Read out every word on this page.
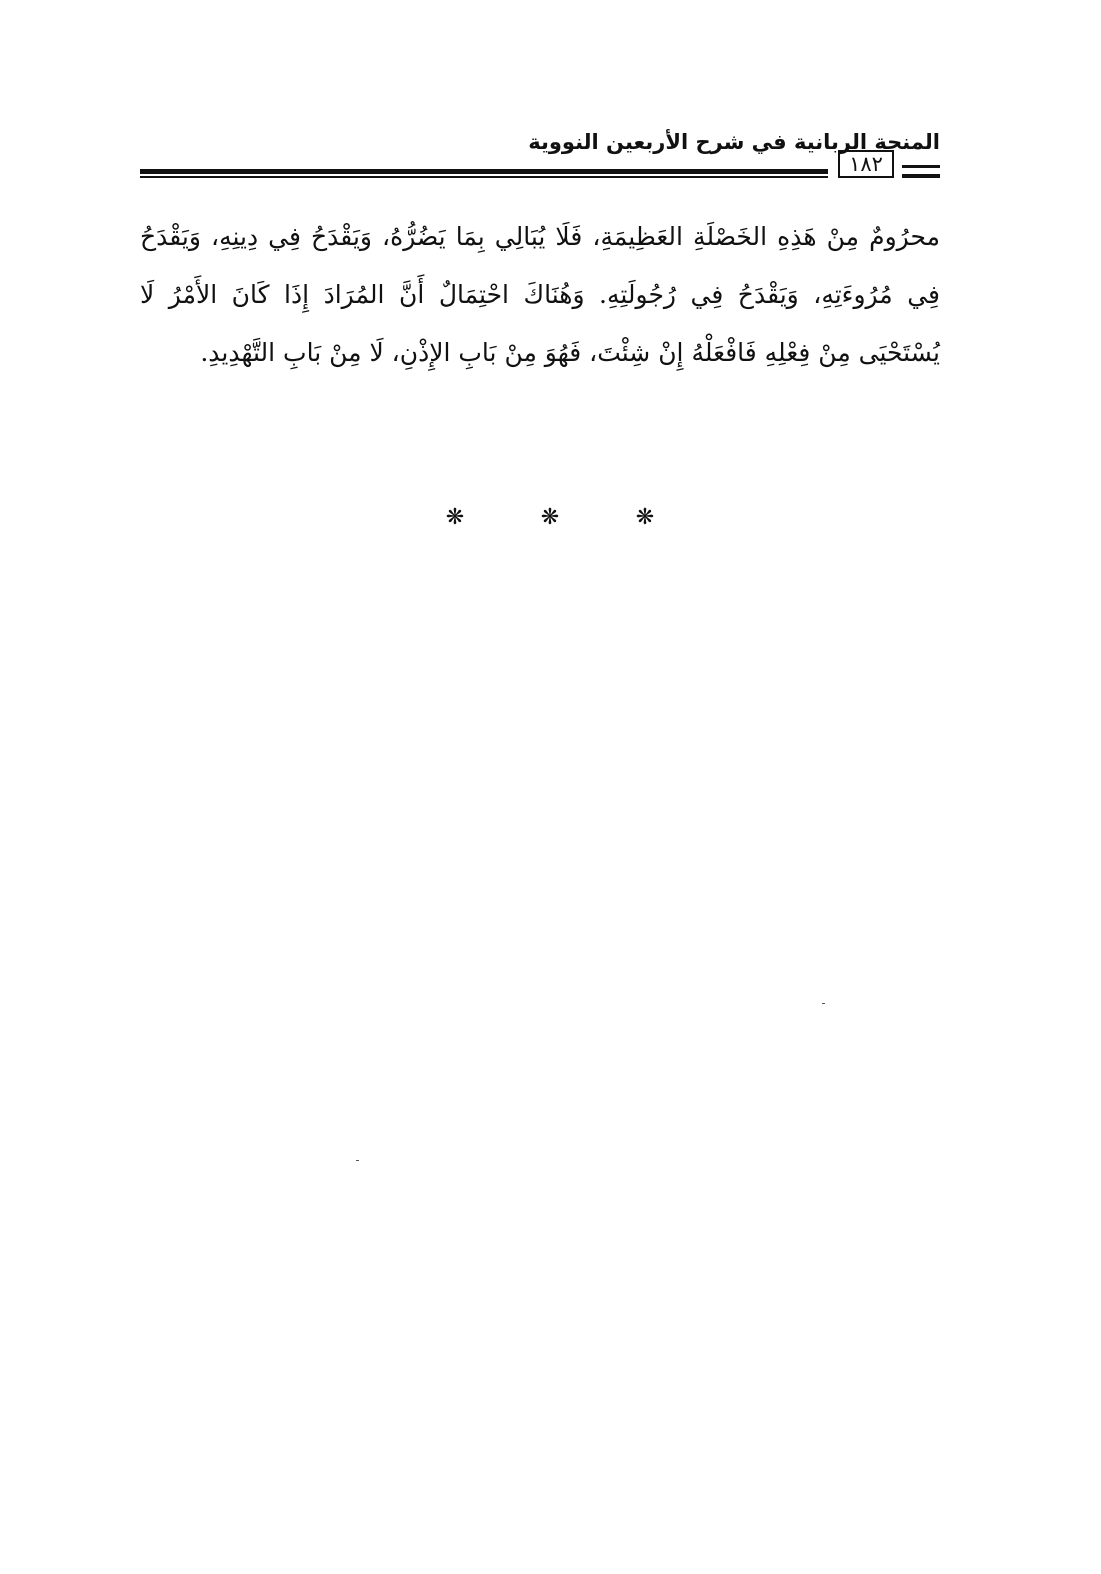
المنحة الربانية في شرح الأربعين النووية
١٨٢
محرُومٌ مِنْ هَذِهِ الخَصْلَةِ العَظِيمَةِ، فَلَا يُبَالِي بِمَا يَضُرُّهُ، وَيَقْدَحُ فِي دِينِهِ، وَيَقْدَحُ فِي مُرُوءَتِهِ، وَيَقْدَحُ فِي رُجُولَتِهِ. وَهُنَاكَ احْتِمَالٌ أَنَّ المُرَادَ إِذَا كَانَ الأَمْرُ لَا يُسْتَحْيَى مِنْ فِعْلِهِ فَافْعَلْهُ إِنْ شِئْتَ، فَهُوَ مِنْ بَابِ الإِذْنِ، لَا مِنْ بَابِ التَّهْدِيدِ.
❋	❋	❋
